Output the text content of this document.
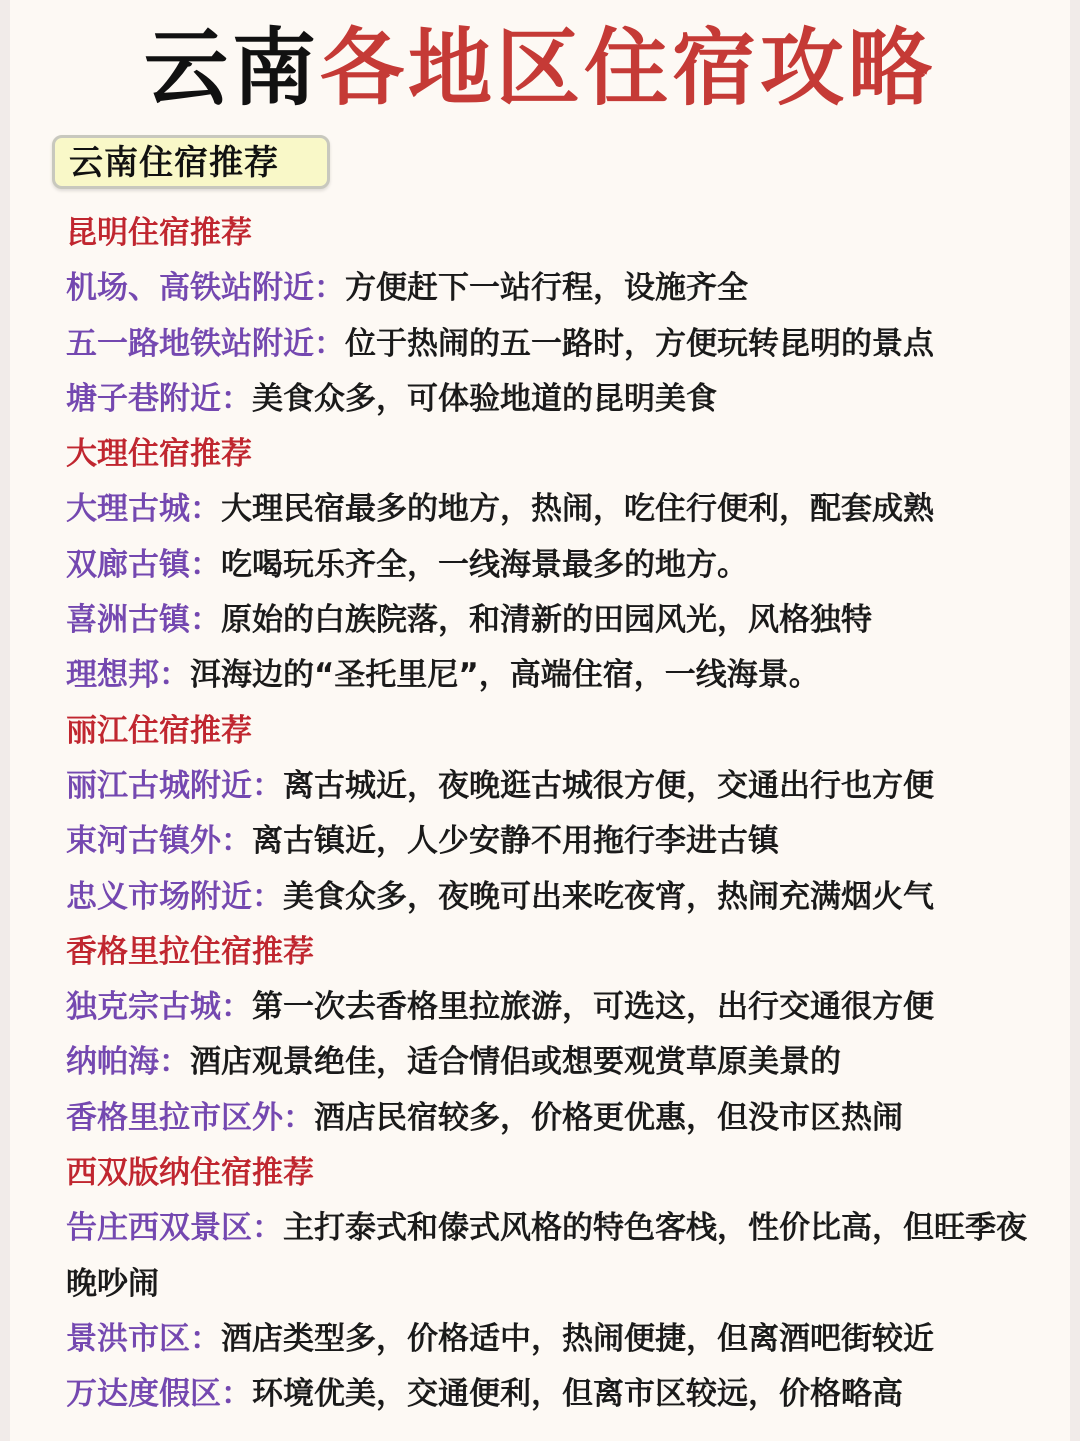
云南各地区住宿攻略
云南住宿推荐
昆明住宿推荐
机场、高铁站附近：方便赶下一站行程，设施齐全
五一路地铁站附近：位于热闹的五一路时，方便玩转昆明的景点
塘子巷附近：美食众多，可体验地道的昆明美食
大理住宿推荐
大理古城：大理民宿最多的地方，热闹，吃住行便利，配套成熟
双廊古镇：吃喝玩乐齐全，一线海景最多的地方。
喜洲古镇：原始的白族院落，和清新的田园风光，风格独特
理想邦：洱海边的“圣托里尼”，高端住宿，一线海景。
丽江住宿推荐
丽江古城附近：离古城近，夜晚逛古城很方便，交通出行也方便
束河古镇外：离古镇近，人少安静不用拖行李进古镇
忠义市场附近：美食众多，夜晚可出来吃夜宵，热闹充满烟火气
香格里拉住宿推荐
独克宗古城：第一次去香格里拉旅游，可选这，出行交通很方便
纳帕海：酒店观景绝佳，适合情侣或想要观赏草原美景的
香格里拉市区外：酒店民宿较多，价格更优惠，但没市区热闹
西双版纳住宿推荐
告庄西双景区：主打泰式和傣式风格的特色客栈，性价比高，但旺季夜晚吵闹
景洪市区：酒店类型多，价格适中，热闹便捷，但离酒吧街较近
万达度假区：环境优美，交通便利，但离市区较远，价格略高
